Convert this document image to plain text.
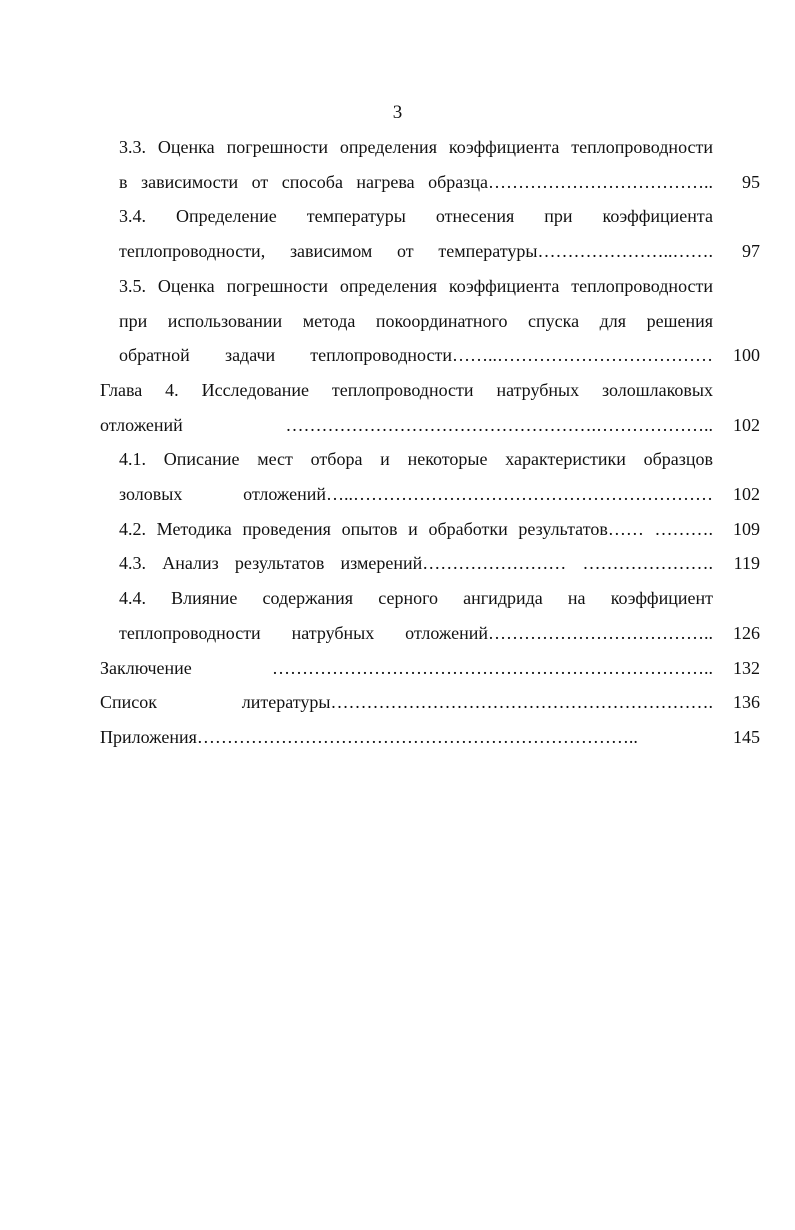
3
3.3. Оценка погрешности определения коэффициента теплопроводности
в зависимости от способа нагрева образца………………………………..	95
3.4. Определение температуры отнесения при коэффициента
теплопроводности, зависимом от температуры…………………..…….	97
3.5. Оценка погрешности определения коэффициента теплопроводности
при использовании метода покоординатного спуска для решения
обратной задачи теплопроводности……..………………………………	100
Глава 4. Исследование теплопроводности натрубных золошлаковых
отложений …………………………………………….………………..	102
4.1. Описание мест отбора и некоторые характеристики образцов
золовых отложений…..……………………………………………………	102
4.2. Методика проведения опытов и обработки результатов…… ……….	109
4.3. Анализ результатов измерений…………………… ………………….	119
4.4. Влияние содержания серного ангидрида на коэффициент
теплопроводности натрубных отложений………………………………..	126
Заключение ………………………………………………………………..	132
Список литературы……………………………………………………….	136
Приложения………………………………………………………………..	145
